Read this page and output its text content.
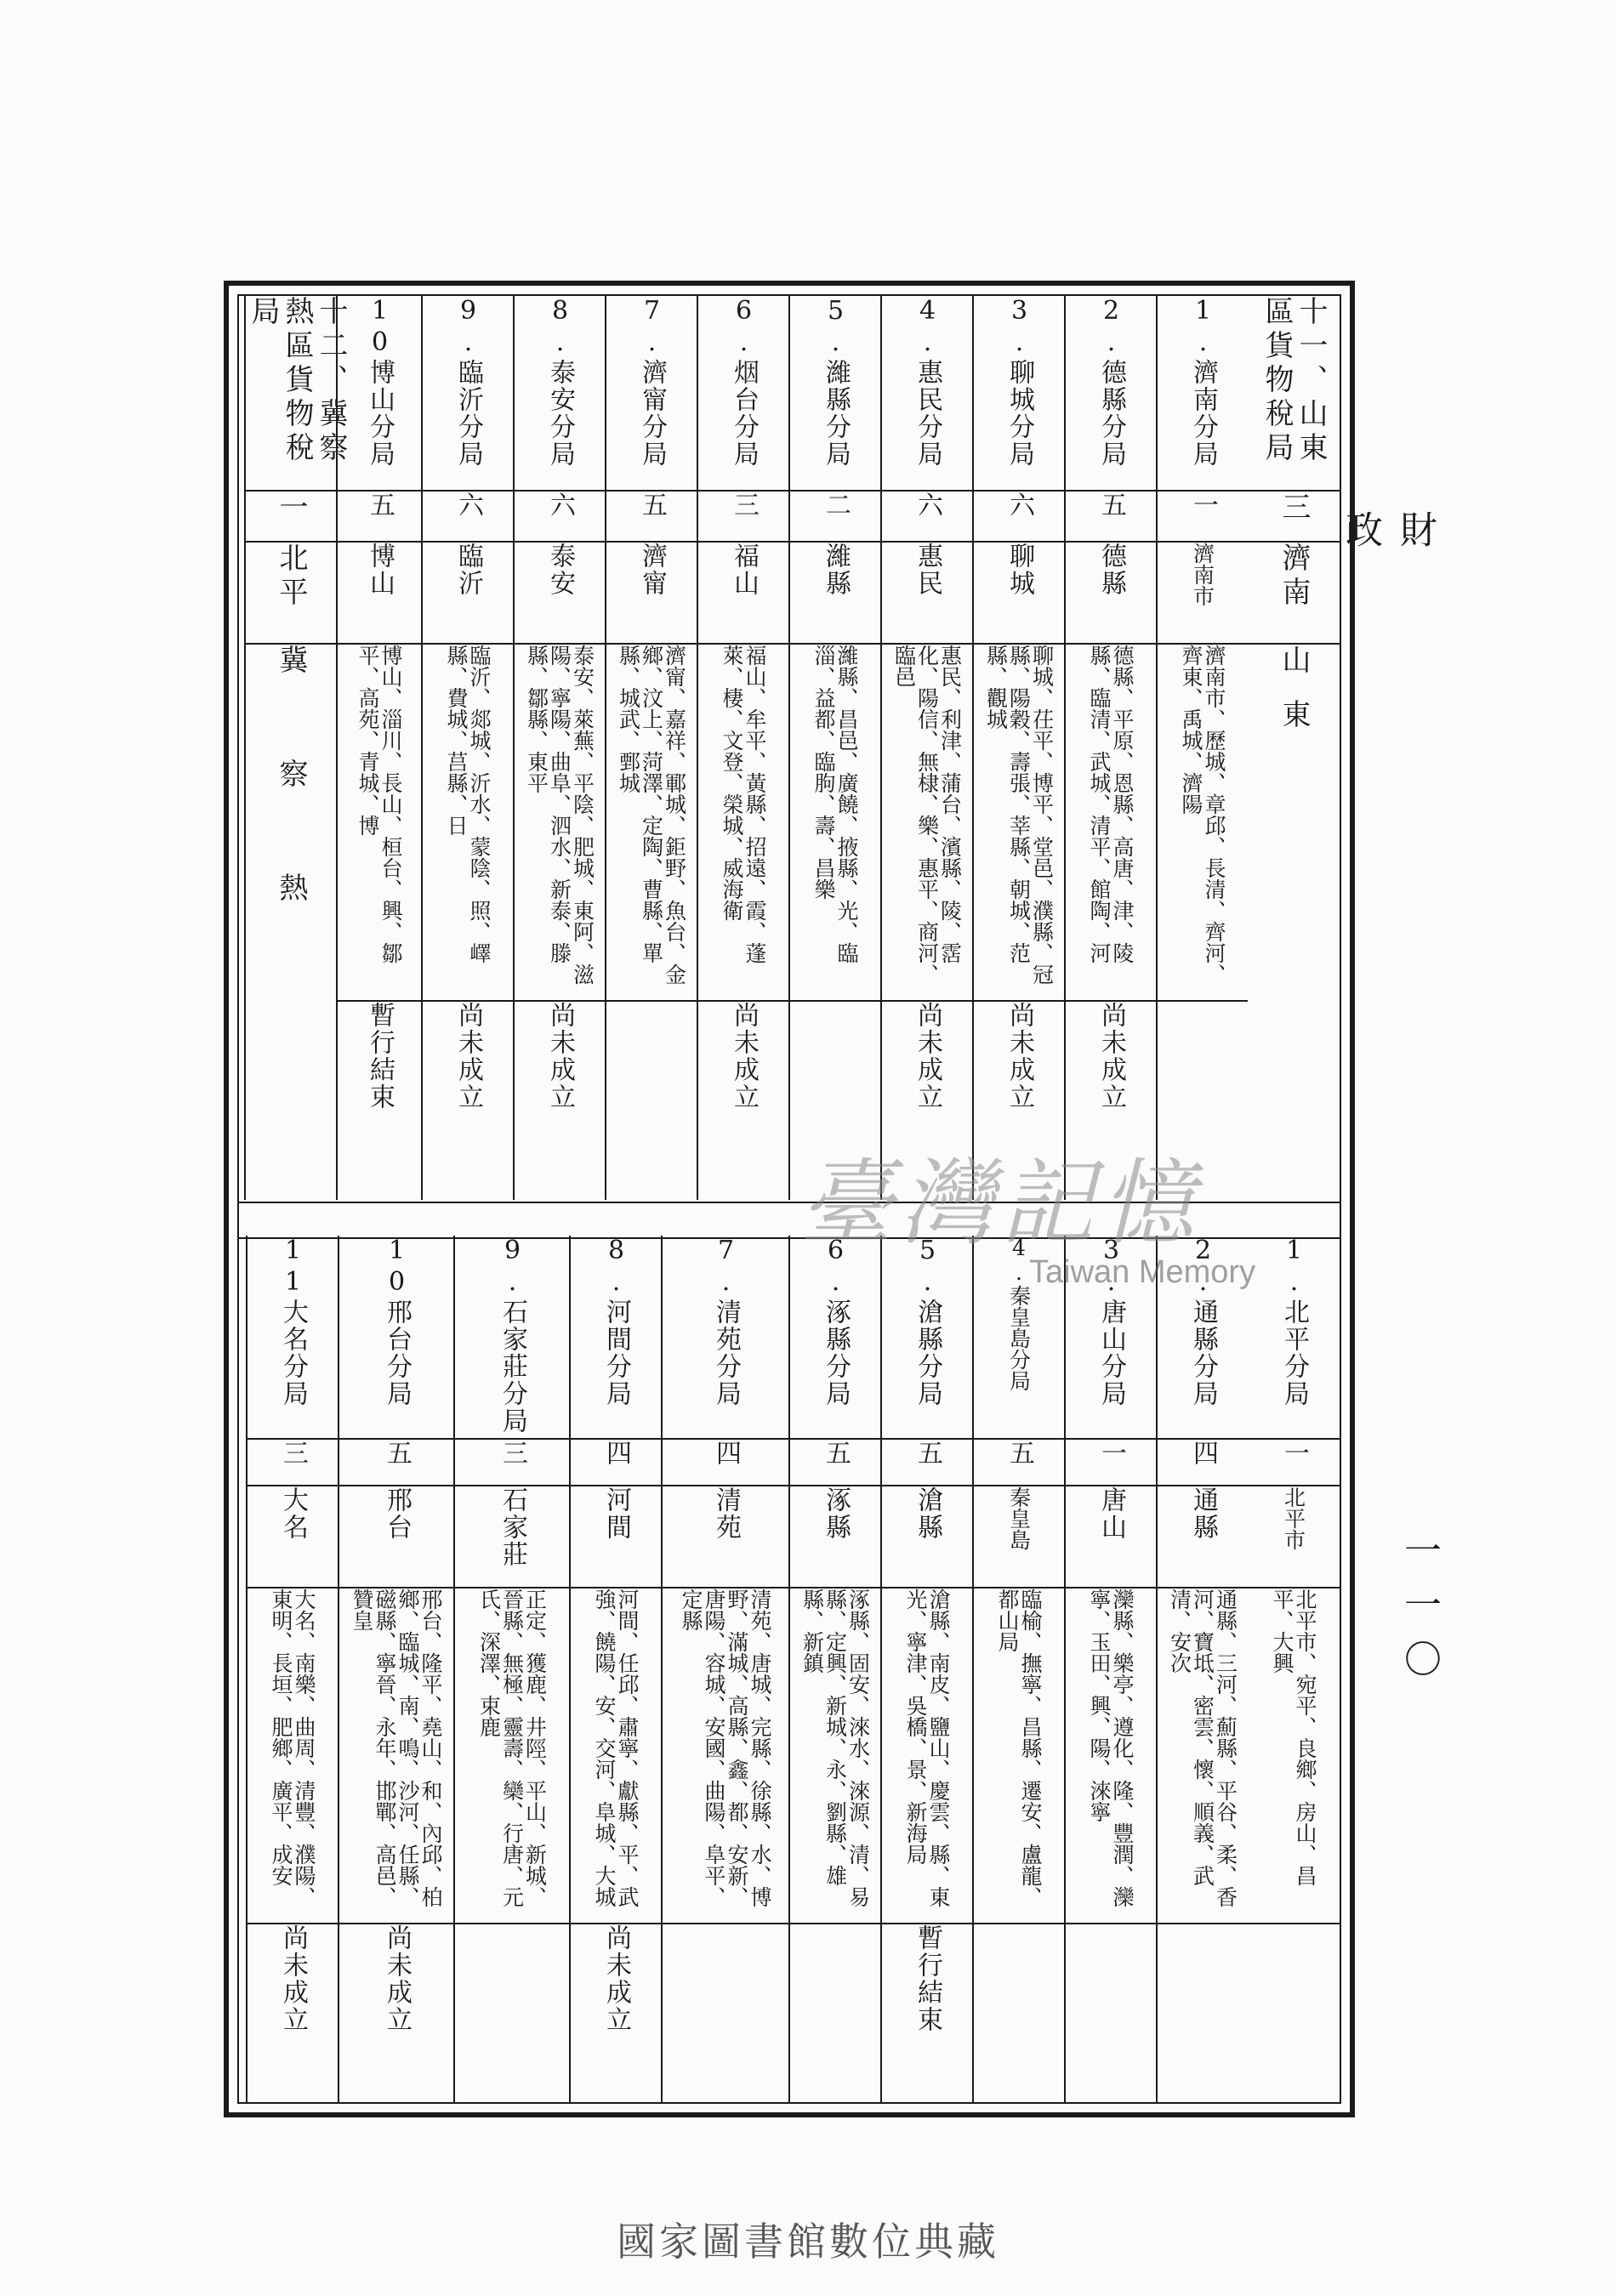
財 政
一一〇
十一、山東區貨物稅局
三
濟南
山東
1.濟南分局
一
濟南市
濟南市、歷城、章邱、長清、齊河、齊東、禹城、濟陽
2.德縣分局
五
德縣
德縣、平原、恩縣、高唐、津、陵縣、臨清、武城、清平、館陶、河
尚未成立
3.聊城分局
六
聊城
聊城、茌平、博平、堂邑、濮縣、冠縣、陽穀、壽張、莘縣、朝城、范縣、觀城
尚未成立
4.惠民分局
六
惠民
惠民、利津、蒲台、濱縣、陵、霑化、陽信、無棣、樂、惠平、商河、臨邑
尚未成立
5.濰縣分局
二
濰縣
濰縣、昌邑、廣饒、掖縣、光、臨淄、益都、臨朐、壽、昌樂
6.烟台分局
三
福山
福山、牟平、黃縣、招遠、霞、蓬萊、棲、文登、榮城、威海衛
尚未成立
7.濟甯分局
五
濟甯
濟甯、嘉祥、鄆城、鉅野、魚台、金鄉、汶上、菏澤、定陶、曹縣、單縣、城武、鄄城
8.泰安分局
六
泰安
泰安、萊蕪、平陰、肥城、東阿、滋陽、寧陽、曲阜、泗水、新泰、滕縣、鄒縣、東平
尚未成立
9.臨沂分局
六
臨沂
臨沂、郯城、沂水、蒙陰、照、嶧縣、費城、莒縣、日
尚未成立
10博山分局
五
博山
博山、淄川、長山、桓台、興、鄒平、高苑、青城、博
暫行結束
十二、冀察熱區貨物稅局
一
北平
冀 察 熱
1.北平分局
一
北平市
北平市、宛平、良鄉、房山、昌平、大興
2.通縣分局
四
通縣
通縣、三河、薊縣、平谷、柔、香河、寶坻、密雲、懷、順義、武清、安次
3.唐山分局
一
唐山
灤縣、樂亭、遵化、隆、豐潤、灤寧、玉田、興、陽、淶寧
4.秦皇島分局
五
秦皇島
臨榆、撫寧、昌縣、遷安、盧龍、都山局
5.滄縣分局
五
滄縣
滄縣、南皮、鹽山、慶雲、縣、東光、寧津、吳橋、景、新海局
暫行結束
6.涿縣分局
五
涿縣
涿縣、固安、淶水、淶源、清、易縣、定興、新城、永、劉縣、雄縣、新鎮
7.清苑分局
四
清苑
清苑、唐城、完縣、徐縣、水、博野、滿城、高縣、鑫、都、安新、唐陽、容城、安國、曲陽、阜平、定縣
8.河間分局
四
河間
河間、任邱、肅寧、獻縣、平、武強、饒陽、安、交河、阜城、大城
尚未成立
9.石家莊分局
三
石家莊
正定、獲鹿、井陘、平山、新城、晉縣、無極、靈壽、欒、行唐、元氏、深澤、束鹿
10邢台分局
五
邢台
邢台、隆平、堯山、和、內邱、柏鄉、臨城、南、鳴、沙河、任縣、磁縣、寧晉、永年、邯鄲、高邑、贊皇
尚未成立
11大名分局
三
大名
大名、南樂、曲周、清豐、濮陽、東明、長垣、肥鄉、廣平、成安
尚未成立
臺灣記憶
Taiwan Memory
國家圖書館數位典藏
